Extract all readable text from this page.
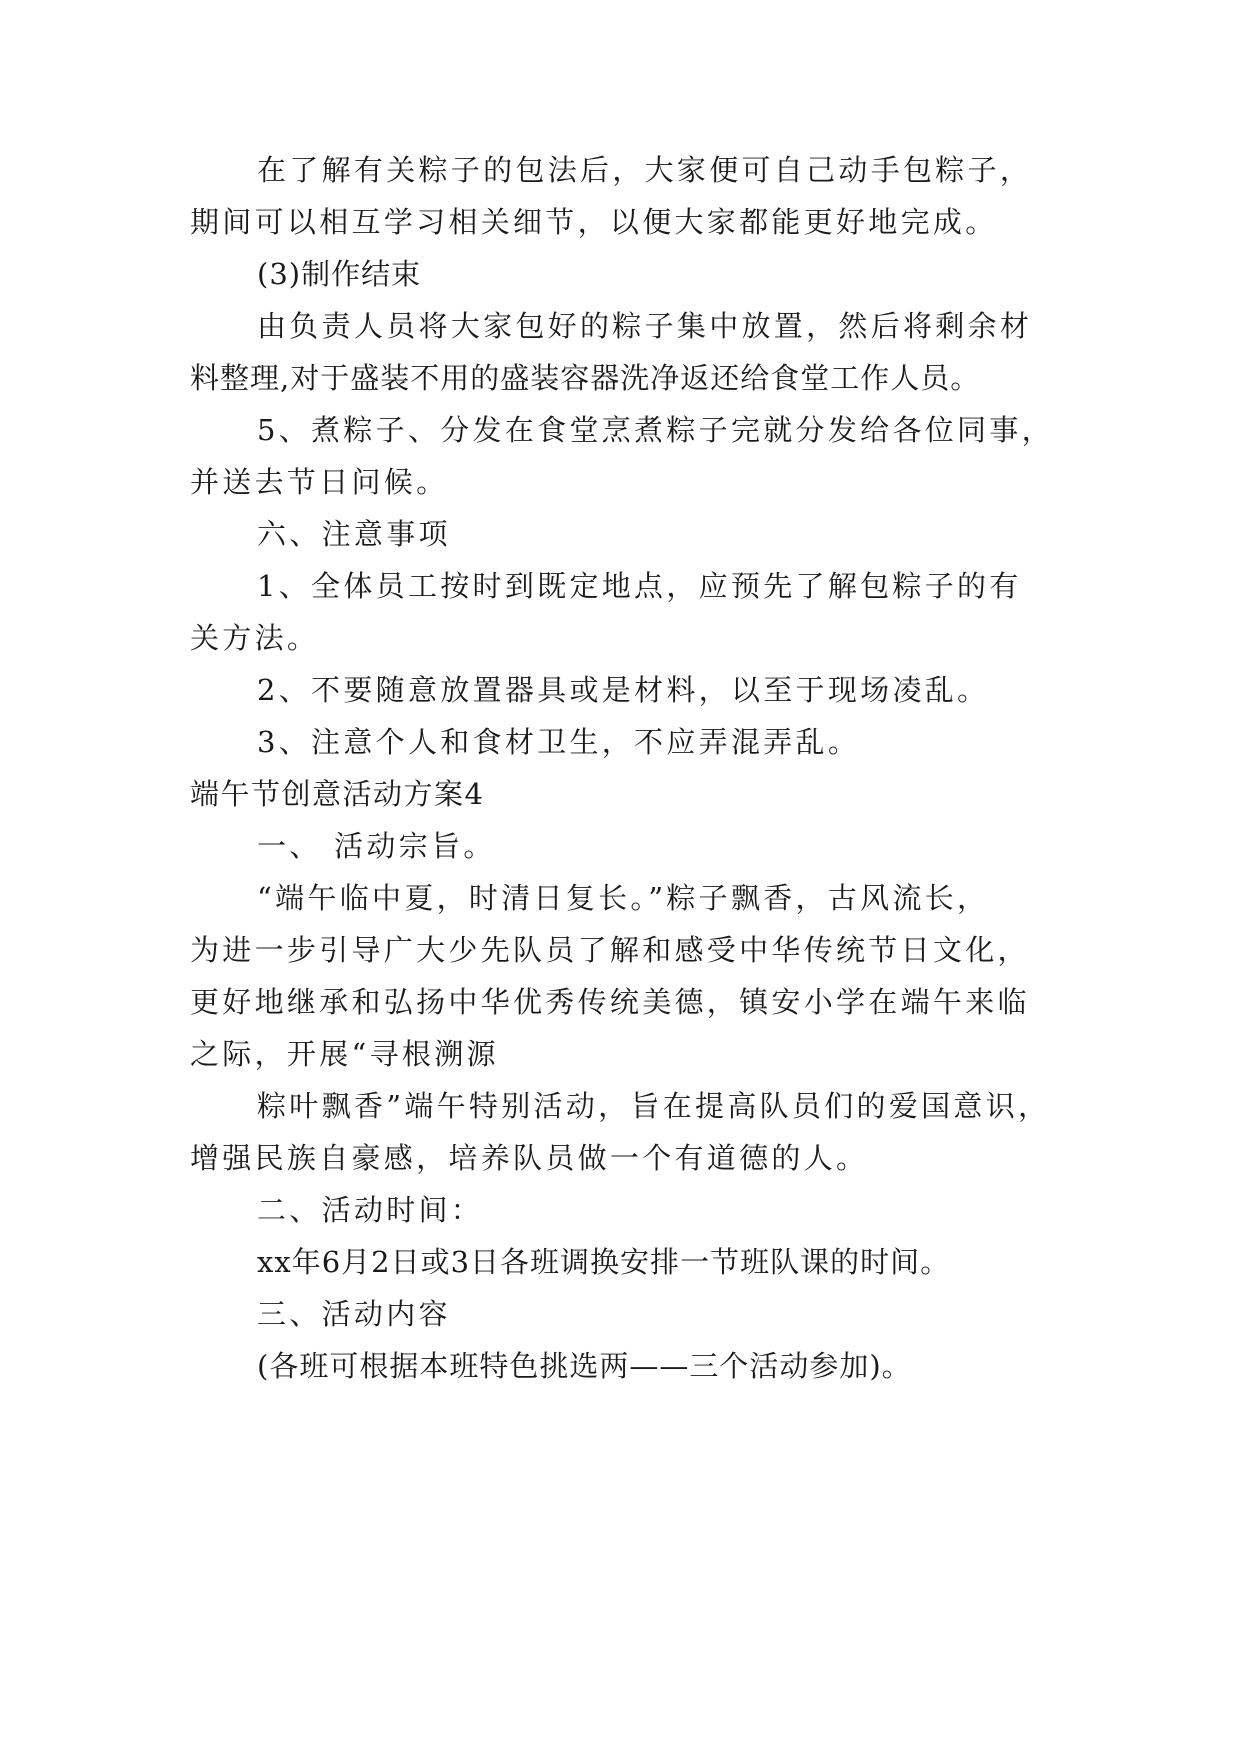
在了解有关粽子的包法后，大家便可自己动手包粽子，
期间可以相互学习相关细节，以便大家都能更好地完成。
(3)制作结束
由负责人员将大家包好的粽子集中放置，然后将剩余材
料整理,对于盛装不用的盛装容器洗净返还给食堂工作人员。
5、煮粽子、分发在食堂烹煮粽子完就分发给各位同事，
并送去节日问候。
六、注意事项
1、全体员工按时到既定地点，应预先了解包粽子的有
关方法。
2、不要随意放置器具或是材料，以至于现场凌乱。
3、注意个人和食材卫生，不应弄混弄乱。
端午节创意活动方案4
一、 活动宗旨。
“端午临中夏，时清日复长。”粽子飘香，古风流长，
为进一步引导广大少先队员了解和感受中华传统节日文化，
更好地继承和弘扬中华优秀传统美德，镇安小学在端午来临
之际，开展“寻根溯源
粽叶飘香”端午特别活动，旨在提高队员们的爱国意识，
增强民族自豪感，培养队员做一个有道德的人。
二、活动时间：
xx年6月2日或3日各班调换安排一节班队课的时间。
三、活动内容
(各班可根据本班特色挑选两——三个活动参加)。
